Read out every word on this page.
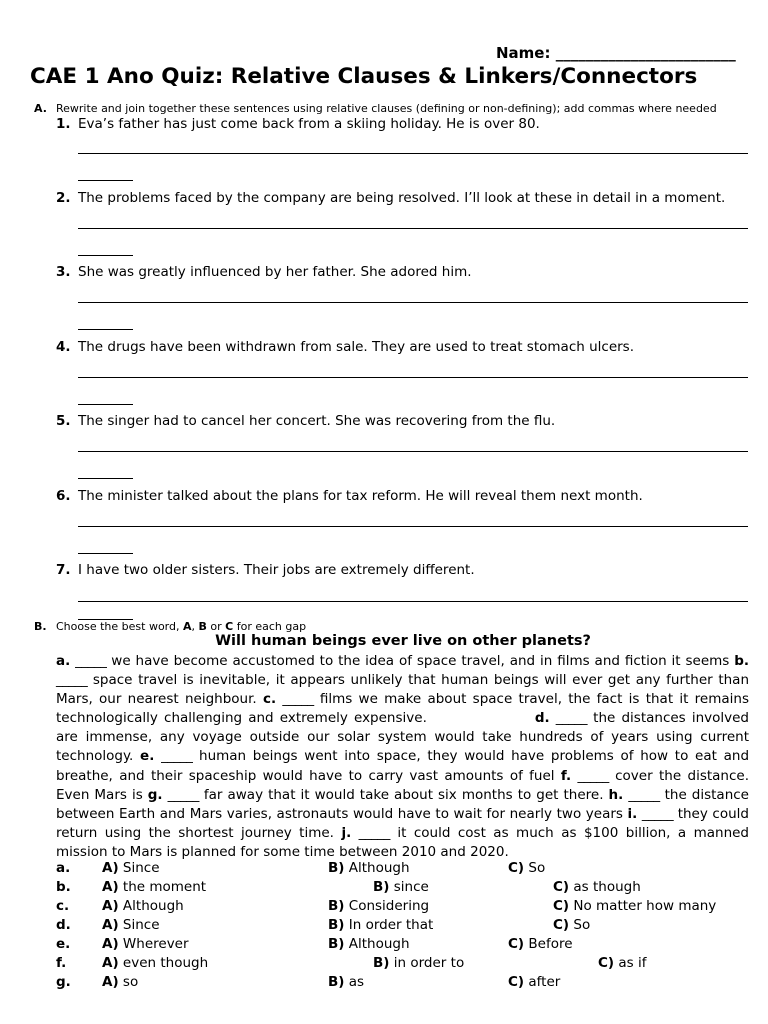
Name: ________________________
CAE 1 Ano Quiz: Relative Clauses & Linkers/Connectors
A. Rewrite and join together these sentences using relative clauses (defining or non-defining); add commas where needed
1. Eva’s father has just come back from a skiing holiday. He is over 80.
2. The problems faced by the company are being resolved. I’ll look at these in detail in a moment.
3. She was greatly influenced by her father. She adored him.
4. The drugs have been withdrawn from sale. They are used to treat stomach ulcers.
5. The singer had to cancel her concert. She was recovering from the flu.
6. The minister talked about the plans for tax reform. He will reveal them next month.
7. I have two older sisters. Their jobs are extremely different.
B. Choose the best word, A, B or C for each gap
Will human beings ever live on other planets?

a. _____ we have become accustomed to the idea of space travel, and in films and fiction it seems b. _____ space travel is inevitable, it appears unlikely that human beings will ever get any further than Mars, our nearest neighbour. c. _____ films we make about space travel, the fact is that it remains technologically challenging and extremely expensive.	d. _____ the distances involved are immense, any voyage outside our solar system would take hundreds of years using current technology. e. _____ human beings went into space, they would have problems of how to eat and breathe, and their spaceship would have to carry vast amounts of fuel f. _____ cover the distance. Even Mars is g. _____ far away that it would take about six months to get there. h. _____ the distance between Earth and Mars varies, astronauts would have to wait for nearly two years i. _____ they could return using the shortest journey time. j. _____ it could cost as much as $100 billion, a manned mission to Mars is planned for some time between 2010 and 2020.

a. A) Since	B) Although	C) So
b. A) the moment	B) since	C) as though
c. A) Although	B) Considering	C) No matter how many
d. A) Since	B) In order that	C) So
e. A) Wherever	B) Although	C) Before
f.	A) even though	B) in order to	C) as if
g. A) so	B) as	C) after
